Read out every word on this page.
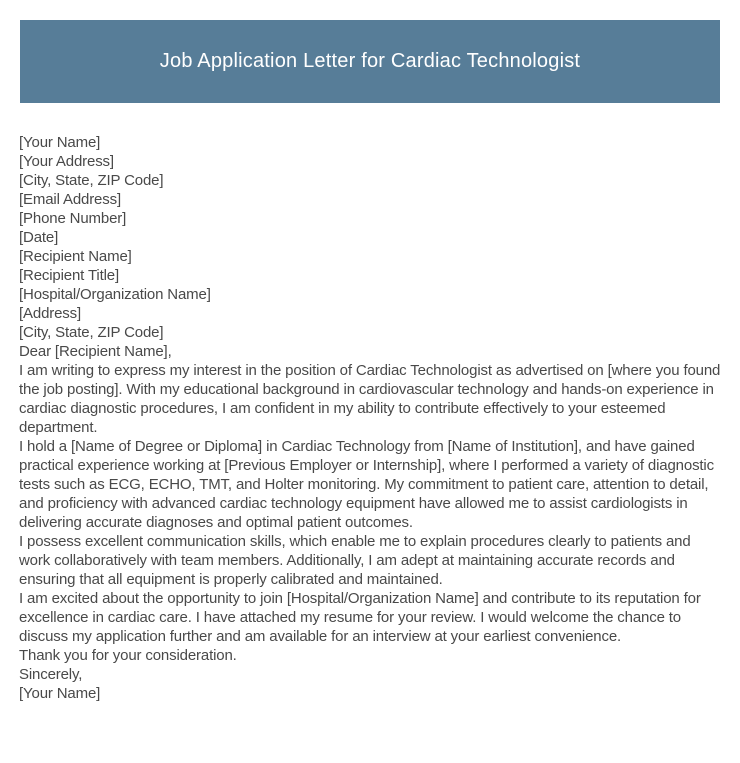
Job Application Letter for Cardiac Technologist
[Your Name]
[Your Address]
[City, State, ZIP Code]
[Email Address]
[Phone Number]
[Date]
[Recipient Name]
[Recipient Title]
[Hospital/Organization Name]
[Address]
[City, State, ZIP Code]
Dear [Recipient Name],
I am writing to express my interest in the position of Cardiac Technologist as advertised on [where you found the job posting]. With my educational background in cardiovascular technology and hands-on experience in cardiac diagnostic procedures, I am confident in my ability to contribute effectively to your esteemed department.
I hold a [Name of Degree or Diploma] in Cardiac Technology from [Name of Institution], and have gained practical experience working at [Previous Employer or Internship], where I performed a variety of diagnostic tests such as ECG, ECHO, TMT, and Holter monitoring. My commitment to patient care, attention to detail, and proficiency with advanced cardiac technology equipment have allowed me to assist cardiologists in delivering accurate diagnoses and optimal patient outcomes.
I possess excellent communication skills, which enable me to explain procedures clearly to patients and work collaboratively with team members. Additionally, I am adept at maintaining accurate records and ensuring that all equipment is properly calibrated and maintained.
I am excited about the opportunity to join [Hospital/Organization Name] and contribute to its reputation for excellence in cardiac care. I have attached my resume for your review. I would welcome the chance to discuss my application further and am available for an interview at your earliest convenience.
Thank you for your consideration.
Sincerely,
[Your Name]
